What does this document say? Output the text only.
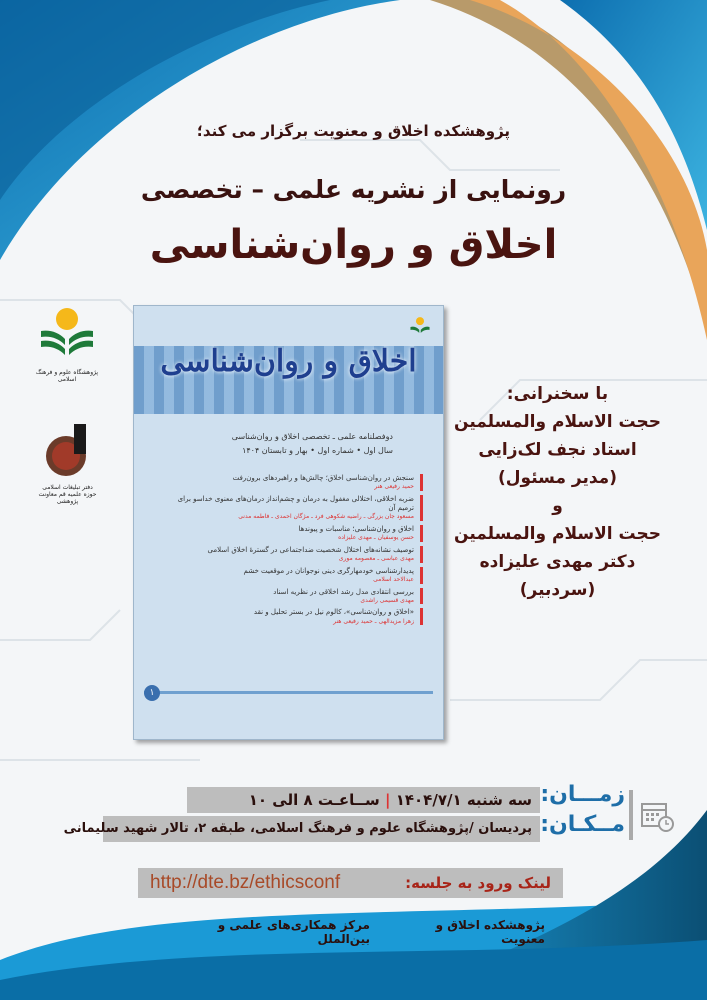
پژوهشکده اخلاق و معنویت برگزار می کند؛
رونمایی از نشریه علمی – تخصصی
اخلاق و روان‌شناسی
پژوهشگاه علوم و فرهنگ اسلامی
دفتر تبلیغات اسلامی حوزه علمیه قم معاونت پژوهشی
اخلاق و روان‌شناسی
دوفصلنامه علمی ـ تخصصی اخلاق و روان‌شناسی
سال اول • شماره اول • بهار و تابستان ۱۴۰۴
سنجش در روان‌شناسی اخلاق؛ چالش‌ها و راهبردهای برون‌رفت
حمید رفیعی هنر
ضربه اخلاقی، اختلالی مغفول به درمان و چشم‌انداز درمان‌های معنوی خداسو برای ترمیم آن
مسعود جان بزرگی ـ راضیه شکوهی فرد ـ مژگان احمدی ـ فاطمه مدنی
اخلاق و روان‌شناسی؛ مناسبات و پیوندها
حسن یوسفیان ـ مهدی علیزاده
توصیف نشانه‌های اختلال شخصیت ضداجتماعی در گسترهٔ اخلاق اسلامی
مهدی عباسی ـ معصومه موری
پدیدارشناسی خودمهارگری دینی نوجوانان در موقعیت خشم
عبدالاحد اسلامی
بررسی انتقادی مدل رشد اخلاقی در نظریه اسناد
مهدی قسیمی راشدی
«اخلاق و روان‌شناسی»، کالوم نیل در بستر تحلیل و نقد
زهرا مزیدالهی ـ حمید رفیعی هنر
۱
با سخنرانی:
حجت الاسلام والمسلمین
استاد نجف لک‌زایی
(مدیر مسئول)
و
حجت الاسلام والمسلمین
دکتر مهدی علیزاده
(سردبیر)
زمـــان:
سه شنبه ۱۴۰۴/۷/۱ | ســاعـت ۸ الی ۱۰
مــکـان:
پردیسان /پژوهشگاه علوم و فرهنگ اسلامی، طبقه ۲، تالار شهید سلیمانی
لینک ورود به جلسه:
http://dte.bz/ethicsconf
پژوهشکده اخلاق و معنویت
مرکز همکاری‌های علمی و بین‌الملل
